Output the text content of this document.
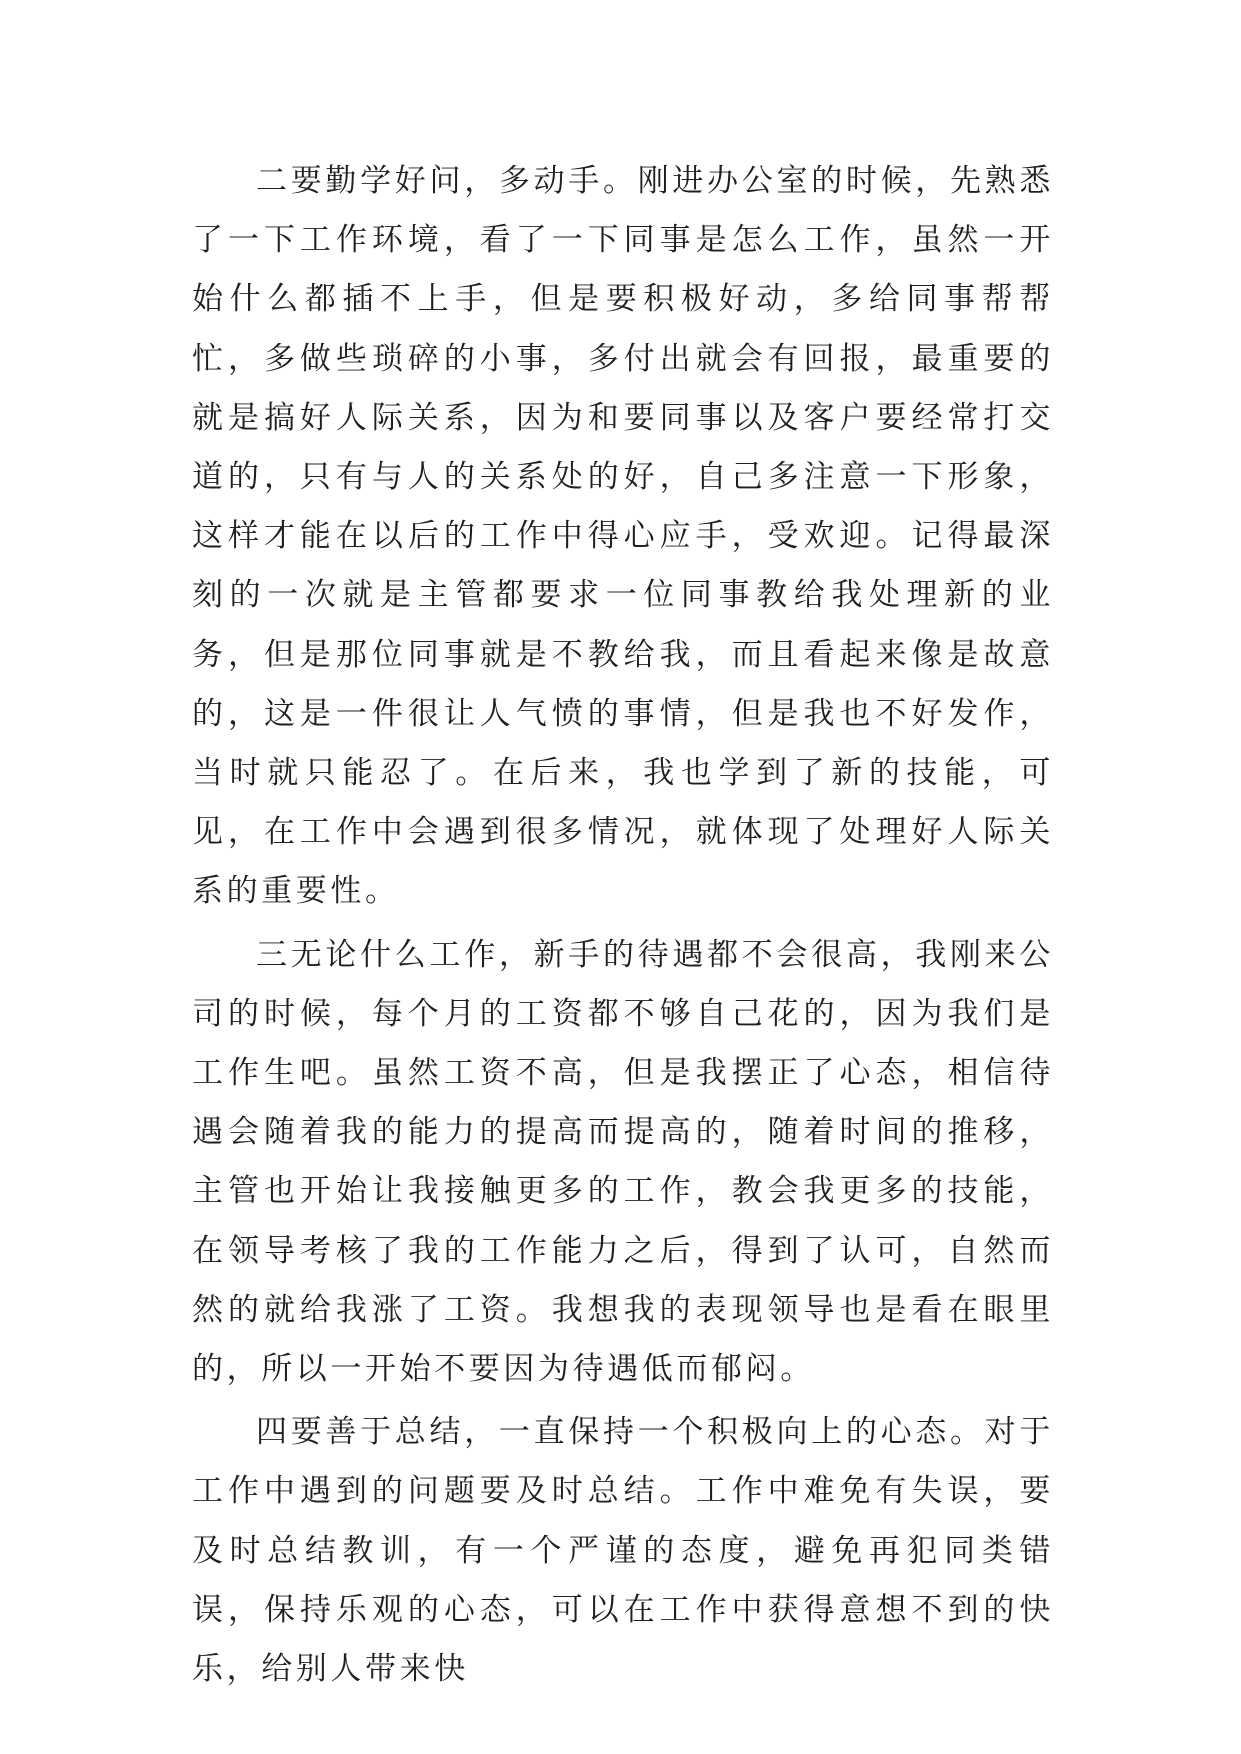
二要勤学好问，多动手。刚进办公室的时候，先熟悉了一下工作环境，看了一下同事是怎么工作，虽然一开始什么都插不上手，但是要积极好动，多给同事帮帮忙，多做些琐碎的小事，多付出就会有回报，最重要的就是搞好人际关系，因为和要同事以及客户要经常打交道的，只有与人的关系处的好，自己多注意一下形象，这样才能在以后的工作中得心应手，受欢迎。记得最深刻的一次就是主管都要求一位同事教给我处理新的业务，但是那位同事就是不教给我，而且看起来像是故意的，这是一件很让人气愤的事情，但是我也不好发作，当时就只能忍了。在后来，我也学到了新的技能，可见，在工作中会遇到很多情况，就体现了处理好人际关系的重要性。

三无论什么工作，新手的待遇都不会很高，我刚来公司的时候，每个月的工资都不够自己花的，因为我们是工作生吧。虽然工资不高，但是我摆正了心态，相信待遇会随着我的能力的提高而提高的，随着时间的推移，主管也开始让我接触更多的工作，教会我更多的技能，在领导考核了我的工作能力之后，得到了认可，自然而然的就给我涨了工资。我想我的表现领导也是看在眼里的，所以一开始不要因为待遇低而郁闷。

四要善于总结，一直保持一个积极向上的心态。对于工作中遇到的问题要及时总结。工作中难免有失误，要及时总结教训，有一个严谨的态度，避免再犯同类错误，保持乐观的心态，可以在工作中获得意想不到的快乐，给别人带来快
